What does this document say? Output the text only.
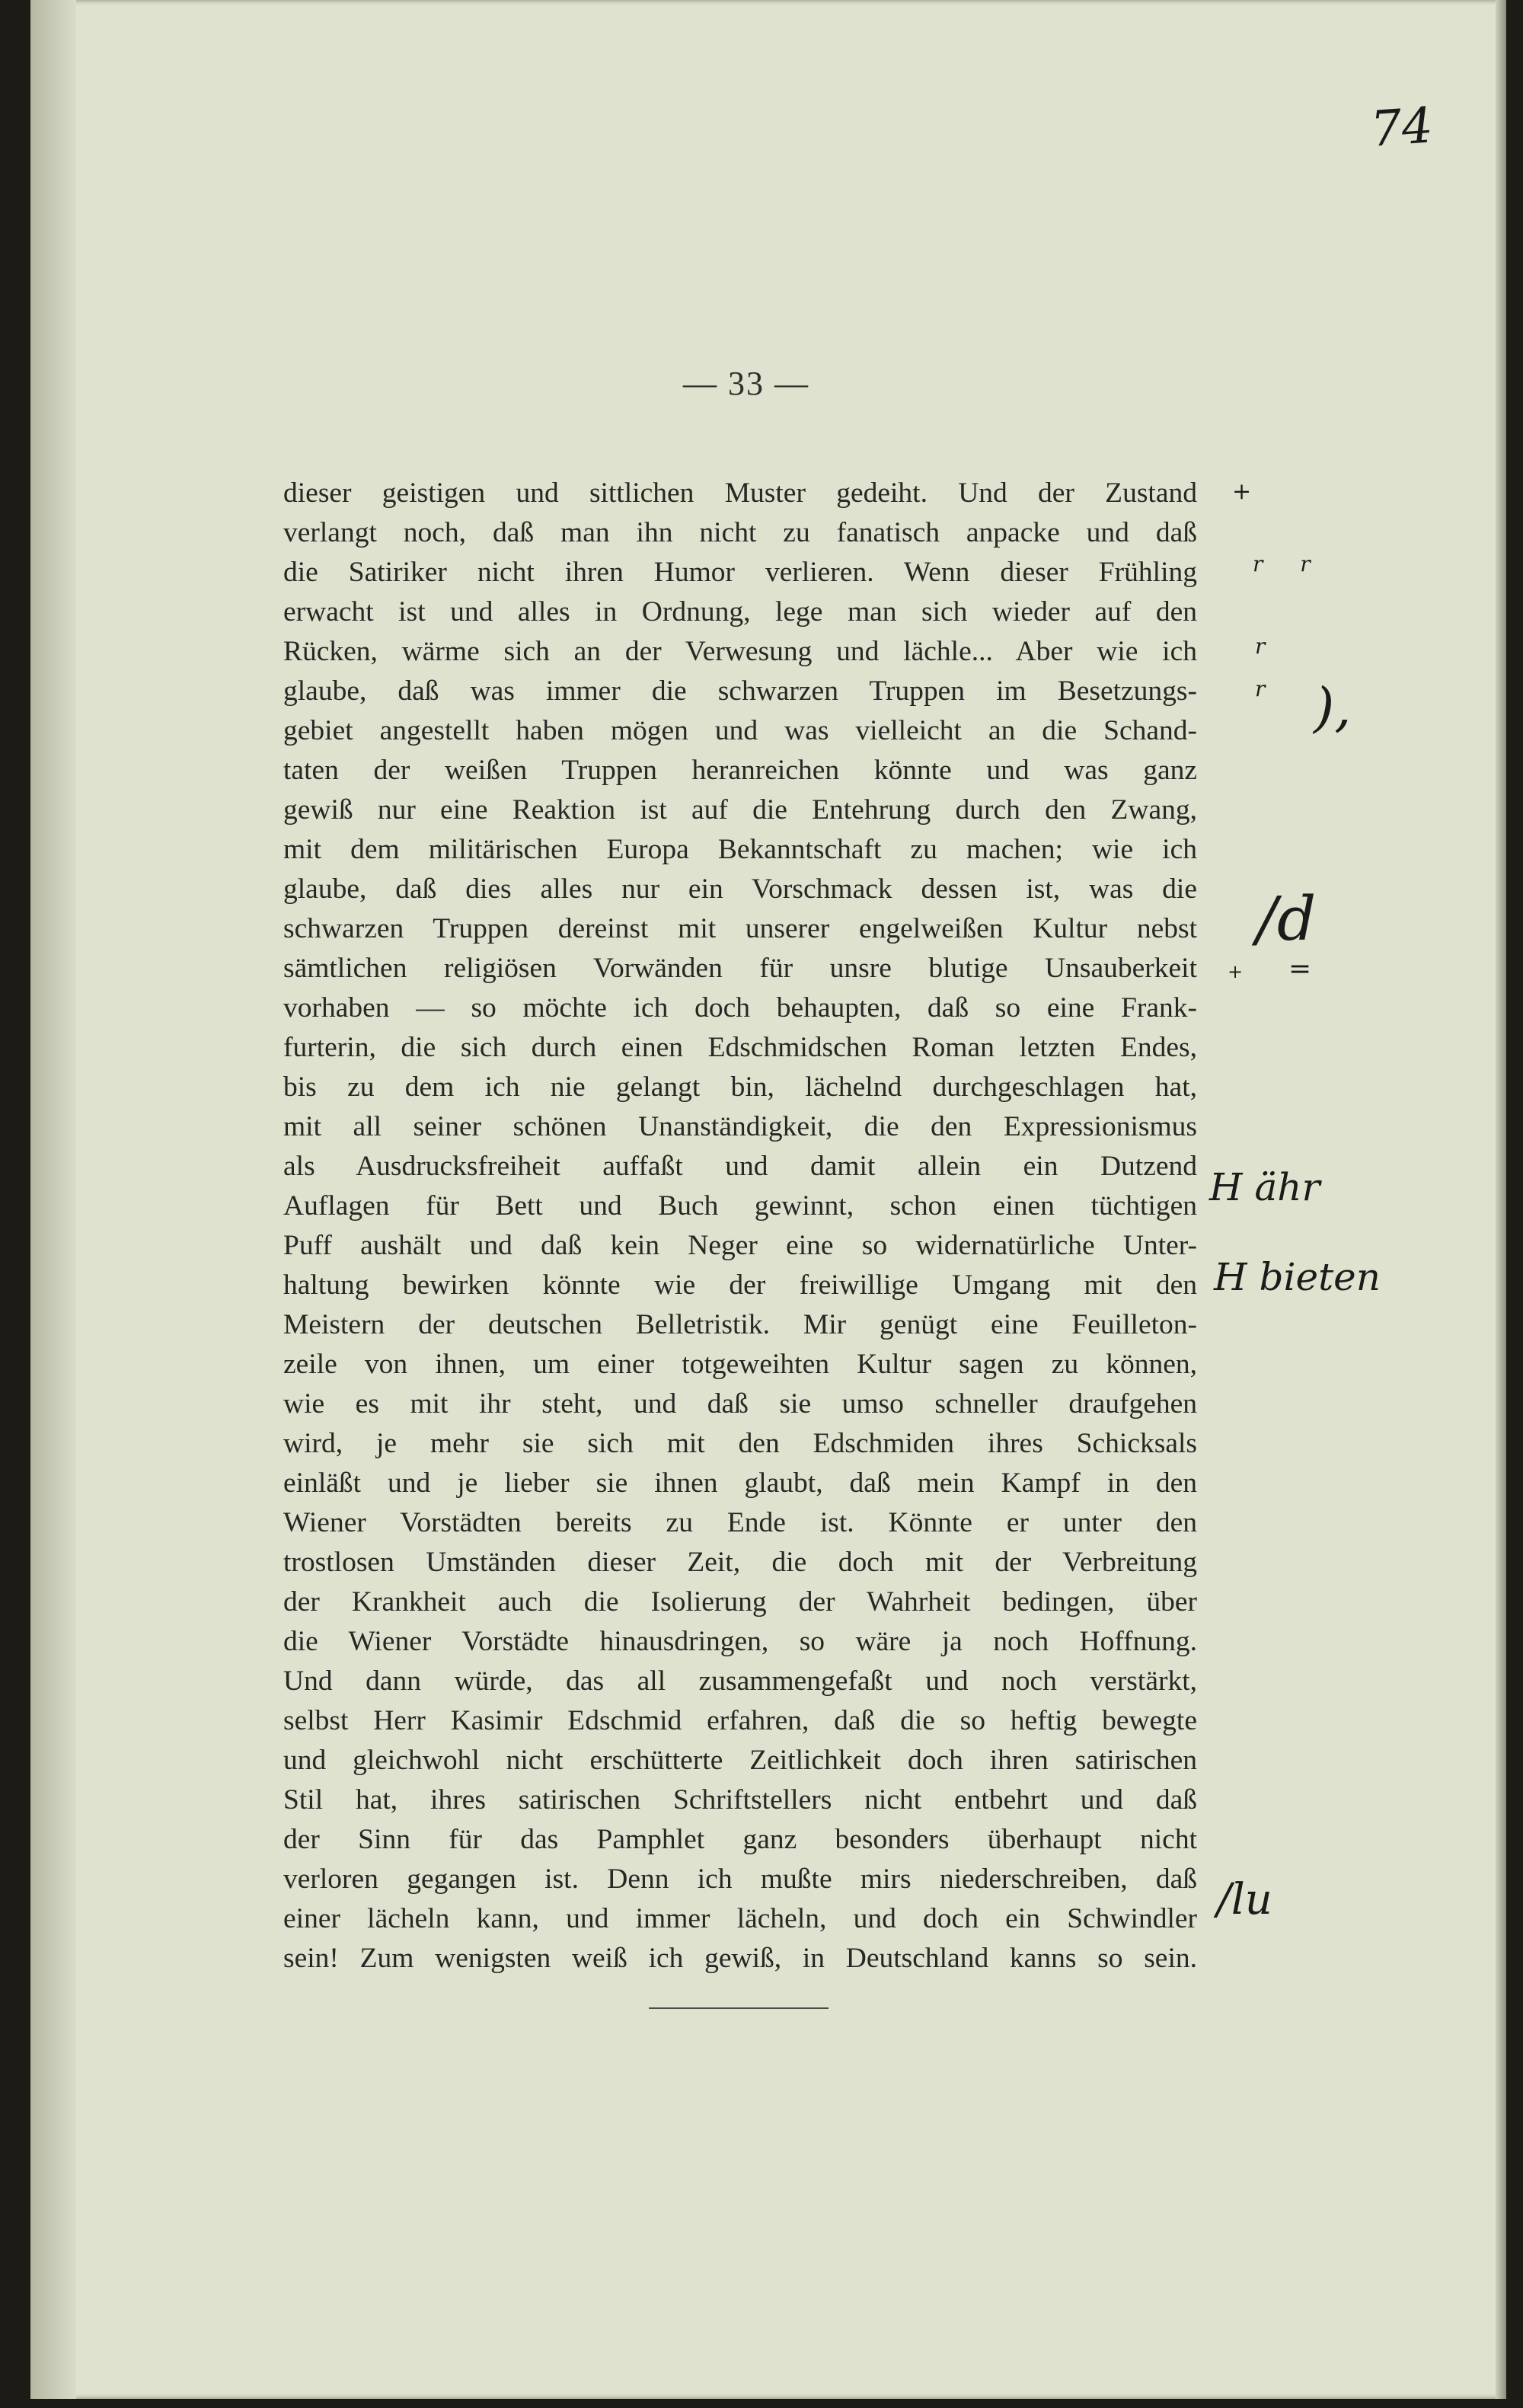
74
— 33 —
dieser geistigen und sittlichen Muster gedeiht. Und der Zustand
verlangt noch, daß man ihn nicht zu fanatisch anpacke und daß
die Satiriker nicht ihren Humor verlieren. Wenn dieser Frühling
erwacht ist und alles in Ordnung, lege man sich wieder auf den
Rücken, wärme sich an der Verwesung und lächle... Aber wie ich
glaube, daß was immer die schwarzen Truppen im Besetzungs-
gebiet angestellt haben mögen und was vielleicht an die Schand-
taten der weißen Truppen heranreichen könnte und was ganz
gewiß nur eine Reaktion ist auf die Entehrung durch den Zwang,
mit dem militärischen Europa Bekanntschaft zu machen; wie ich
glaube, daß dies alles nur ein Vorschmack dessen ist, was die
schwarzen Truppen dereinst mit unserer engelweißen Kultur nebst
sämtlichen religiösen Vorwänden für unsre blutige Unsauberkeit
vorhaben — so möchte ich doch behaupten, daß so eine Frank-
furterin, die sich durch einen Edschmidschen Roman letzten Endes,
bis zu dem ich nie gelangt bin, lächelnd durchgeschlagen hat,
mit all seiner schönen Unanständigkeit, die den Expressionismus
als Ausdrucksfreiheit auffaßt und damit allein ein Dutzend
Auflagen für Bett und Buch gewinnt, schon einen tüchtigen
Puff aushält und daß kein Neger eine so widernatürliche Unter-
haltung bewirken könnte wie der freiwillige Umgang mit den
Meistern der deutschen Belletristik. Mir genügt eine Feuilleton-
zeile von ihnen, um einer totgeweihten Kultur sagen zu können,
wie es mit ihr steht, und daß sie umso schneller draufgehen
wird, je mehr sie sich mit den Edschmiden ihres Schicksals
einläßt und je lieber sie ihnen glaubt, daß mein Kampf in den
Wiener Vorstädten bereits zu Ende ist. Könnte er unter den
trostlosen Umständen dieser Zeit, die doch mit der Verbreitung
der Krankheit auch die Isolierung der Wahrheit bedingen, über
die Wiener Vorstädte hinausdringen, so wäre ja noch Hoffnung.
Und dann würde, das all zusammengefaßt und noch verstärkt,
selbst Herr Kasimir Edschmid erfahren, daß die so heftig bewegte
und gleichwohl nicht erschütterte Zeitlichkeit doch ihren satirischen
Stil hat, ihres satirischen Schriftstellers nicht entbehrt und daß
der Sinn für das Pamphlet ganz besonders überhaupt nicht
verloren gegangen ist. Denn ich mußte mirs niederschreiben, daß
einer lächeln kann, und immer lächeln, und doch ein Schwindler
sein! Zum wenigsten weiß ich gewiß, in Deutschland kanns so sein.
+
r r
r
r ),
/d
+ =
H ähr
H bieten
/lu
